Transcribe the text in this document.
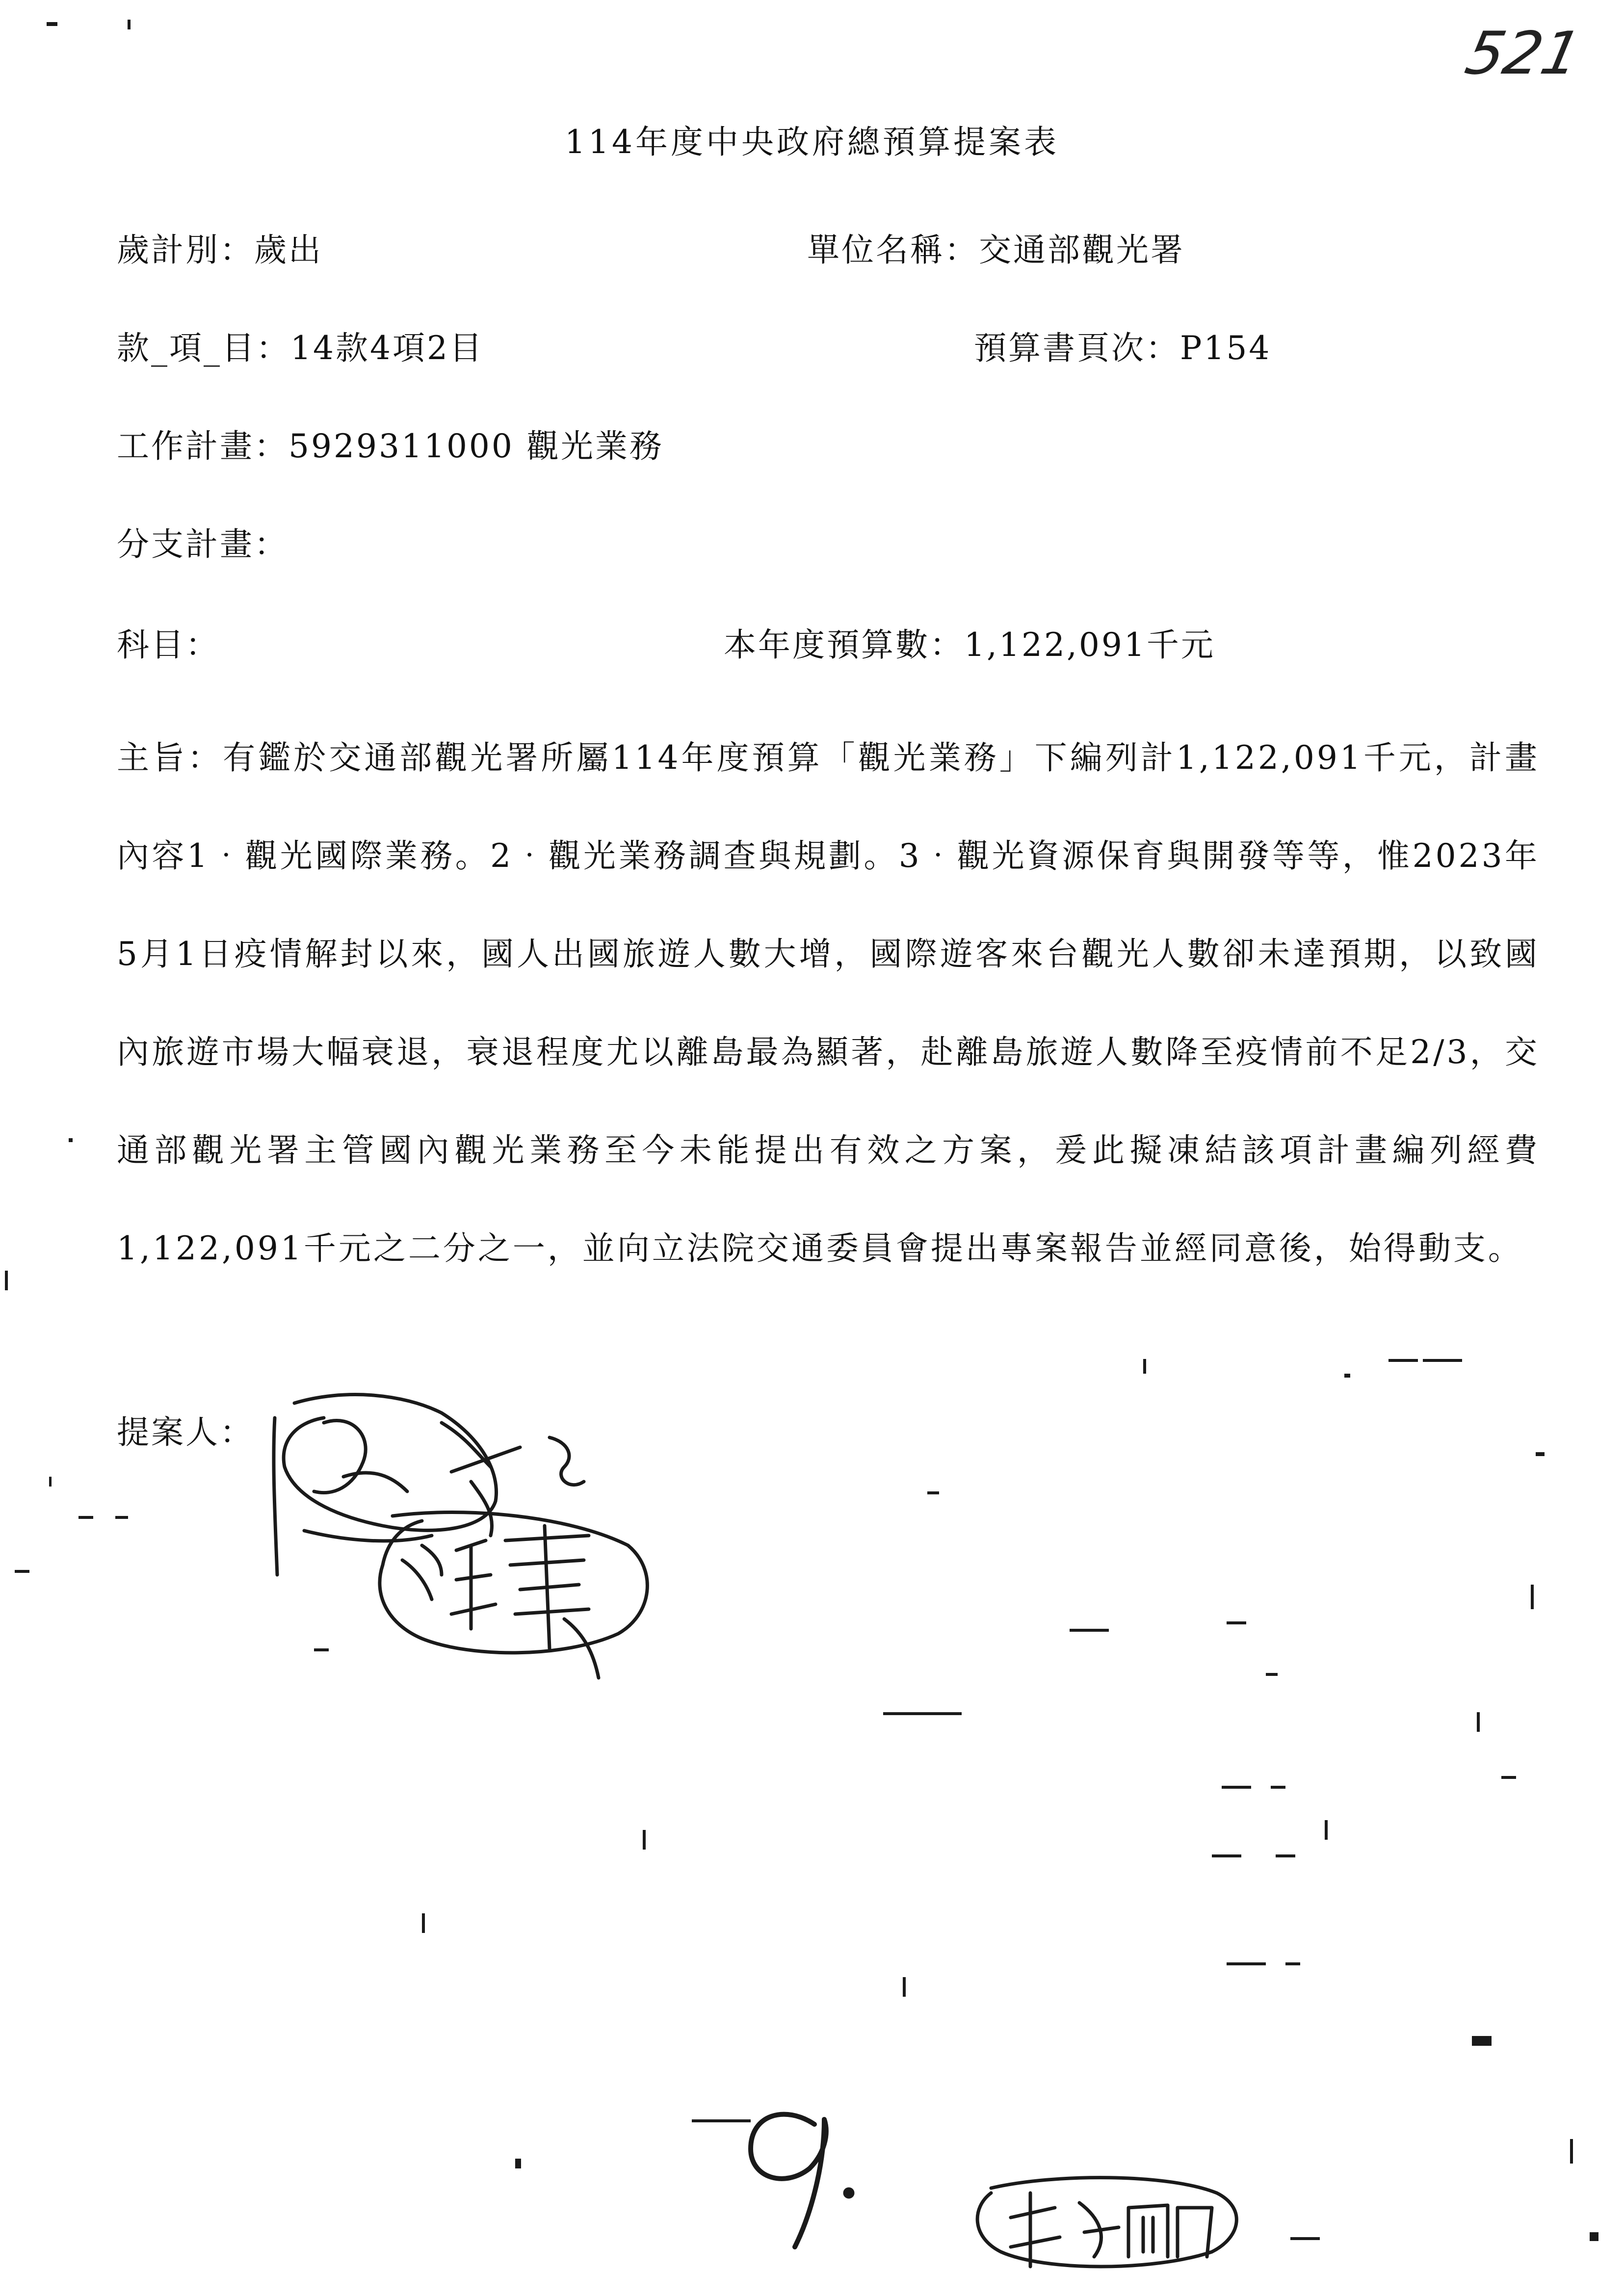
521
114年度中央政府總預算提案表
歲計別：歲出	單位名稱：交通部觀光署
款_項_目：14款4項2目	預算書頁次：P154
工作計畫：5929311000 觀光業務
分支計畫：
科目：	本年度預算數：1,122,091千元
主旨：有鑑於交通部觀光署所屬114年度預算「觀光業務」下編列計1,122,091千元，計畫內容1‧觀光國際業務。2‧觀光業務調查與規劃。3‧觀光資源保育與開發等等，惟2023年5月1日疫情解封以來，國人出國旅遊人數大增，國際遊客來台觀光人數卻未達預期，以致國內旅遊市場大幅衰退，衰退程度尤以離島最為顯著，赴離島旅遊人數降至疫情前不足2/3，交通部觀光署主管國內觀光業務至今未能提出有效之方案，爰此擬凍結該項計畫編列經費1,122,091千元之二分之一，並向立法院交通委員會提出專案報告並經同意後，始得動支。
提案人：
